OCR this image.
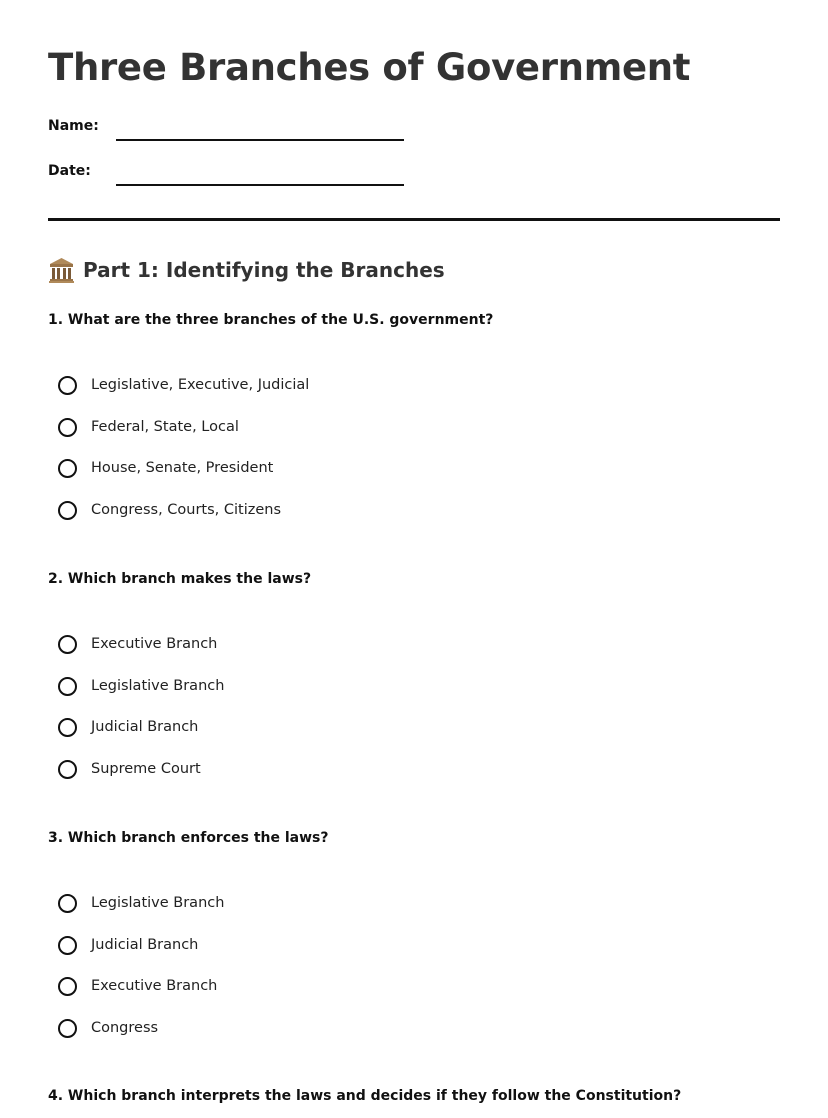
Three Branches of Government
Name:
Date:
Part 1: Identifying the Branches

1. What are the three branches of the U.S. government?

Legislative, Executive, Judicial
Federal, State, Local
House, Senate, President
Congress, Courts, Citizens

2. Which branch makes the laws?

Executive Branch
Legislative Branch
Judicial Branch
Supreme Court

3. Which branch enforces the laws?

Legislative Branch
Judicial Branch
Executive Branch
Congress

4. Which branch interprets the laws and decides if they follow the Constitution?
